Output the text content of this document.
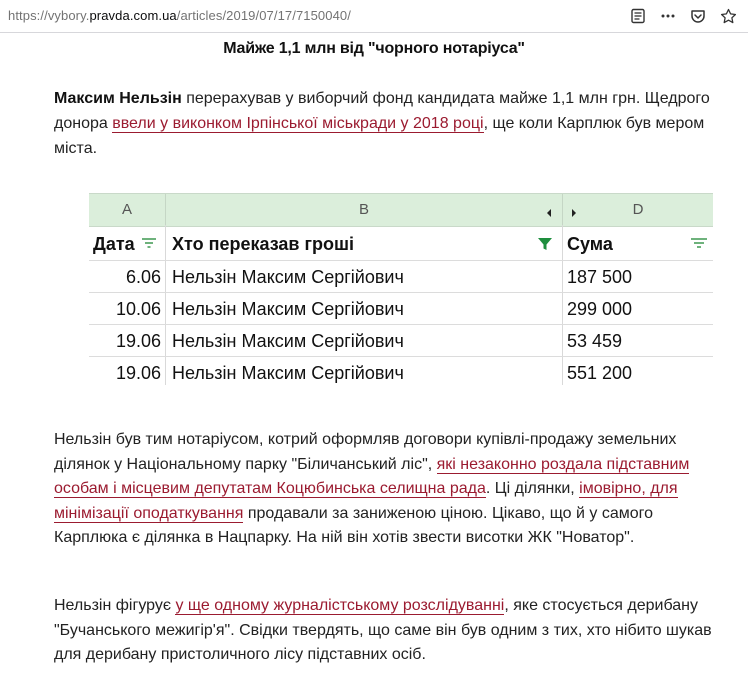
https://vybory.pravda.com.ua/articles/2019/07/17/7150040/
Майже 1,1 млн від "чорного нотаріуса"
Максим Нельзін перерахував у виборчий фонд кандидата майже 1,1 млн грн. Щедрого донора ввели у виконком Ірпінської міськради у 2018 році, ще коли Карплюк був мером міста.
A	B	D
Дата	Хто переказав гроші	Сума
6.06 Нельзін Максим Сергійович	187 500
10.06 Нельзін Максим Сергійович	299 000
19.06 Нельзін Максим Сергійович	53 459
19.06 Нельзін Максим Сергійович	551 200
Нельзін був тим нотаріусом, котрий оформляв договори купівлі-продажу земельних ділянок у Національному парку "Біличанський ліс", які незаконно роздала підставним особам і місцевим депутатам Коцюбинська селищна рада. Ці ділянки, імовірно, для мінімізації оподаткування продавали за заниженою ціною. Цікаво, що й у самого Карплюка є ділянка в Нацпарку. На ній він хотів звести висотки ЖК "Новатор".
Нельзін фігурує у ще одному журналістському розслідуванні, яке стосується дерибану "Бучанського межигір'я". Свідки твердять, що саме він був одним з тих, хто нібито шукав для дерибану пристоличного лісу підставних осіб.
